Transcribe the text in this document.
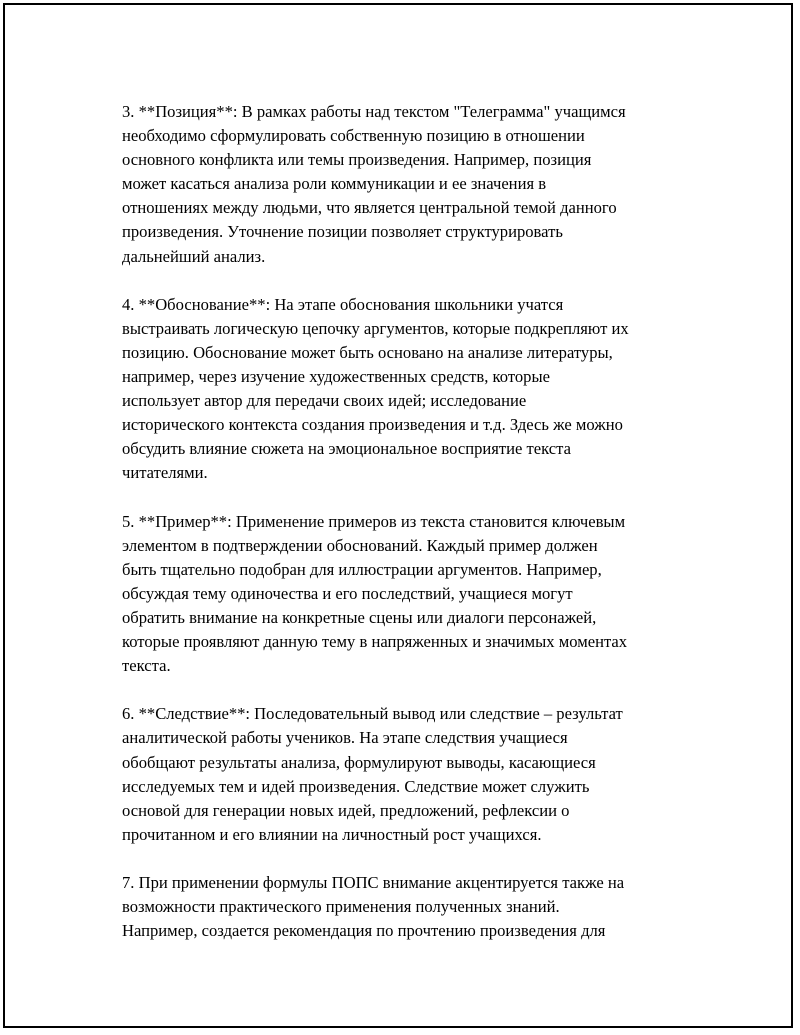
3. **Позиция**: В рамках работы над текстом "Телеграмма" учащимся
необходимо сформулировать собственную позицию в отношении
основного конфликта или темы произведения. Например, позиция
может касаться анализа роли коммуникации и ее значения в
отношениях между людьми, что является центральной темой данного
произведения. Уточнение позиции позволяет структурировать
дальнейший анализ.

4. **Обоснование**: На этапе обоснования школьники учатся
выстраивать логическую цепочку аргументов, которые подкрепляют их
позицию. Обоснование может быть основано на анализе литературы,
например, через изучение художественных средств, которые
использует автор для передачи своих идей; исследование
исторического контекста создания произведения и т.д. Здесь же можно
обсудить влияние сюжета на эмоциональное восприятие текста
читателями.

5. **Пример**: Применение примеров из текста становится ключевым
элементом в подтверждении обоснований. Каждый пример должен
быть тщательно подобран для иллюстрации аргументов. Например,
обсуждая тему одиночества и его последствий, учащиеся могут
обратить внимание на конкретные сцены или диалоги персонажей,
которые проявляют данную тему в напряженных и значимых моментах
текста.

6. **Следствие**: Последовательный вывод или следствие – результат
аналитической работы учеников. На этапе следствия учащиеся
обобщают результаты анализа, формулируют выводы, касающиеся
исследуемых тем и идей произведения. Следствие может служить
основой для генерации новых идей, предложений, рефлексии о
прочитанном и его влиянии на личностный рост учащихся.

7. При применении формулы ПОПС внимание акцентируется также на
возможности практического применения полученных знаний.
Например, создается рекомендация по прочтению произведения для
